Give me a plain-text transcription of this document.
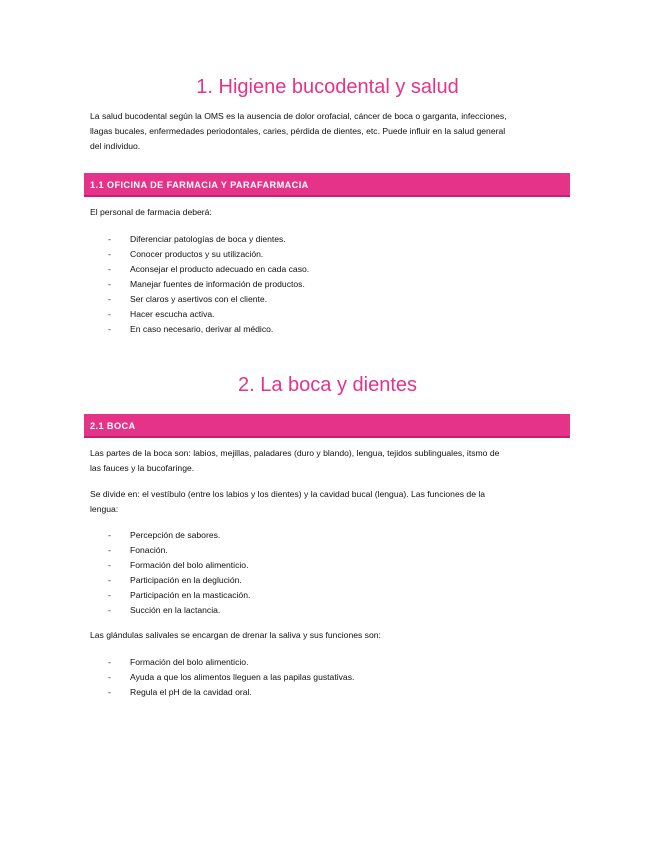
1. Higiene bucodental y salud
La salud bucodental según la OMS es la ausencia de dolor orofacial, cáncer de boca o garganta, infecciones,
llagas bucales, enfermedades periodontales, caries, pérdida de dientes, etc. Puede influir en la salud general
del individuo.
1.1 OFICINA DE FARMACIA Y PARAFARMACIA

El personal de farmacia deberá:

- Diferenciar patologías de boca y dientes.
- Conocer productos y su utilización.
- Aconsejar el producto adecuado en cada caso.
- Manejar fuentes de información de productos.
- Ser claros y asertivos con el cliente.
- Hacer escucha activa.
- En caso necesario, derivar al médico.
2. La boca y dientes
2.1 BOCA
Las partes de la boca son: labios, mejillas, paladares (duro y blando), lengua, tejidos sublinguales, itsmo de
las fauces y la bucofaringe.
Se divide en: el vestíbulo (entre los labios y los dientes) y la cavidad bucal (lengua). Las funciones de la
lengua:
- Percepción de sabores.
- Fonación.
- Formación del bolo alimenticio.
- Participación en la deglución.
- Participación en la masticación.
- Succión en la lactancia.

Las glándulas salivales se encargan de drenar la saliva y sus funciones son:

- Formación del bolo alimenticio.
- Ayuda a que los alimentos lleguen a las papilas gustativas.
- Regula el pH de la cavidad oral.
